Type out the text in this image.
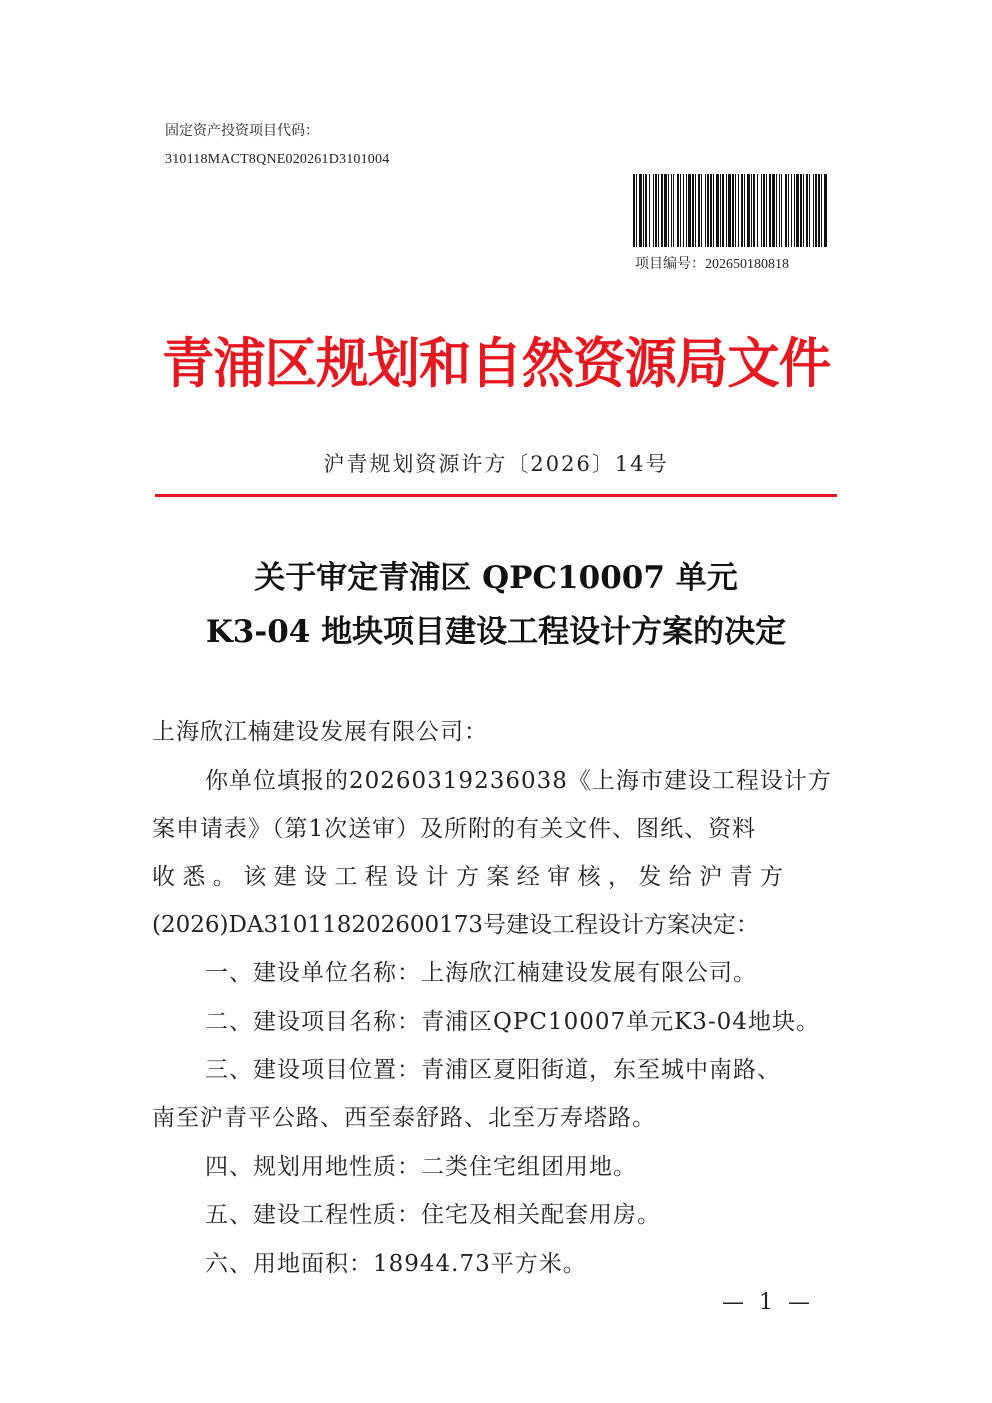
固定资产投资项目代码：
310118MACT8QNE020261D3101004
项目编号：202650180818
青浦区规划和自然资源局文件
沪青规划资源许方〔2026〕14号
关于审定青浦区 QPC10007 单元
K3-04 地块项目建设工程设计方案的决定
上海欣江楠建设发展有限公司：
你单位填报的20260319236038《上海市建设工程设计方
案申请表》（第1次送审）及所附的有关文件、图纸、资料
收悉。该建设工程设计方案经审核，发给沪青方
(2026)DA310118202600173号建设工程设计方案决定：
一、建设单位名称：上海欣江楠建设发展有限公司。
二、建设项目名称：青浦区QPC10007单元K3-04地块。
三、建设项目位置：青浦区夏阳街道，东至城中南路、
南至沪青平公路、西至泰舒路、北至万寿塔路。
四、规划用地性质：二类住宅组团用地。
五、建设工程性质：住宅及相关配套用房。
六、用地面积：18944.73平方米。
— 1 —
